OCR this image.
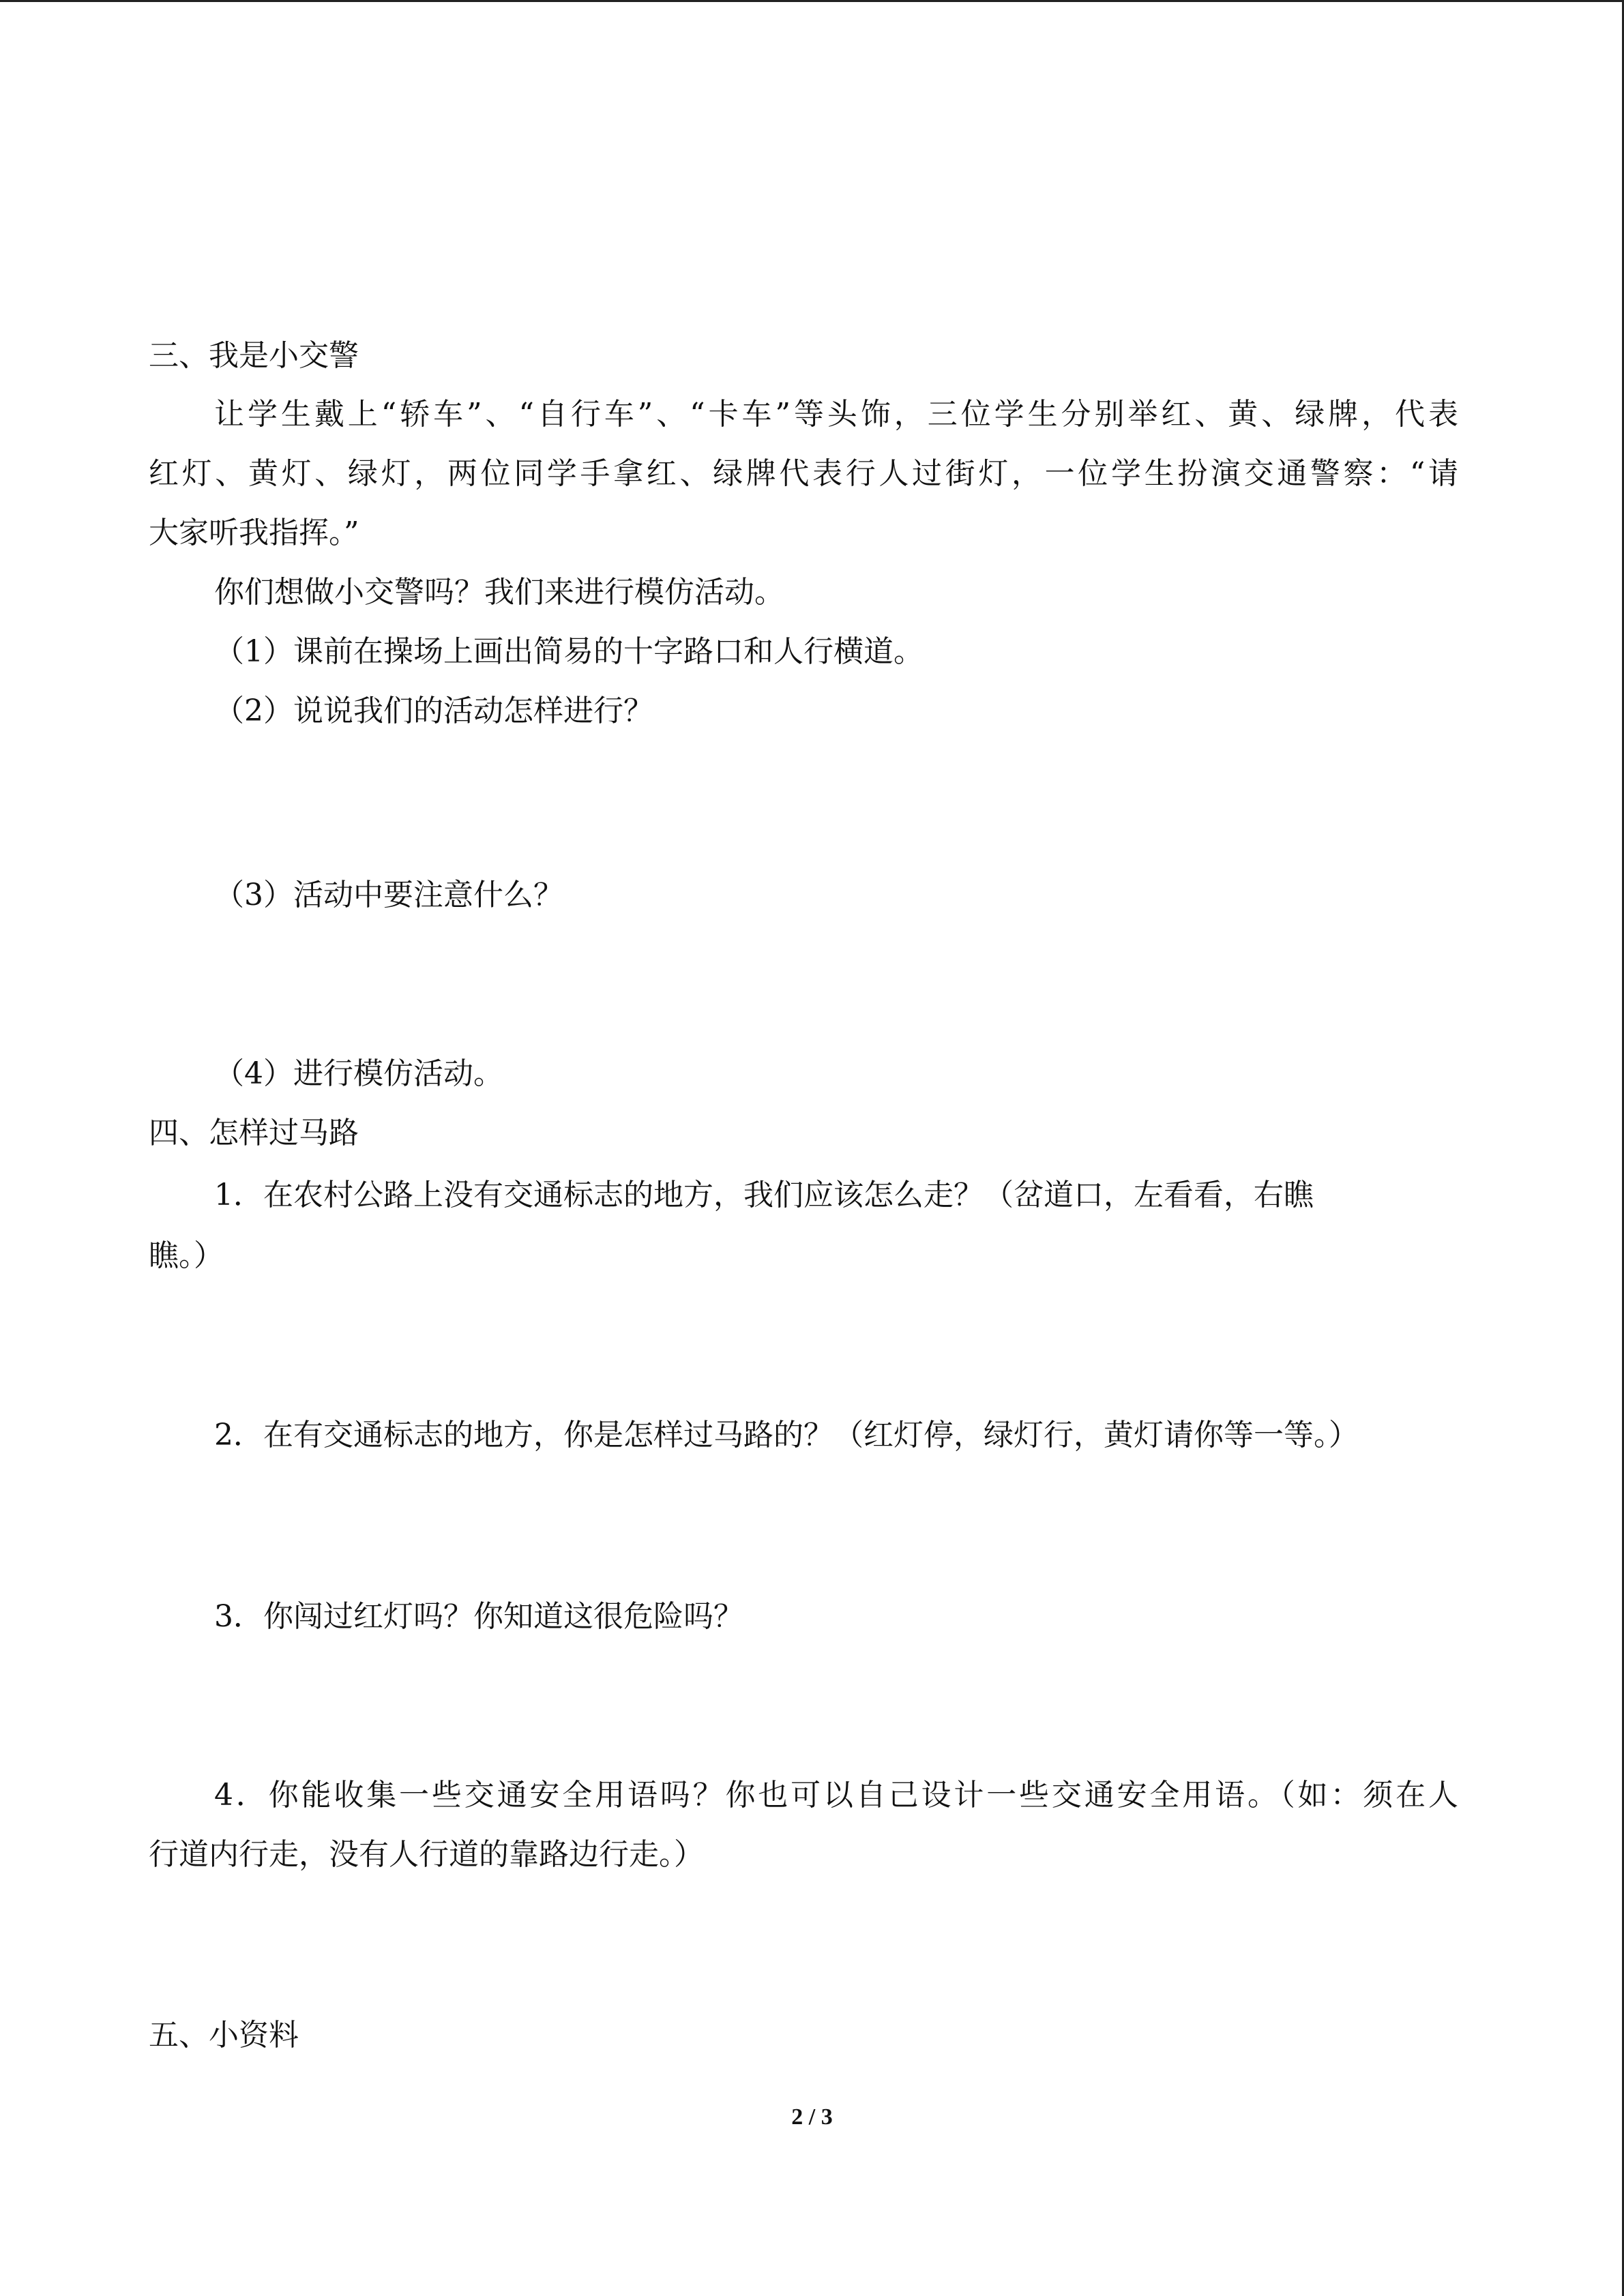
三、我是小交警
让学生戴上“轿车”、“自行车”、“卡车”等头饰，三位学生分别举红、黄、绿牌，代表
红灯、黄灯、绿灯，两位同学手拿红、绿牌代表行人过街灯，一位学生扮演交通警察：“请
大家听我指挥。”
你们想做小交警吗？我们来进行模仿活动。
（1）课前在操场上画出简易的十字路口和人行横道。
（2）说说我们的活动怎样进行？
（3）活动中要注意什么？
（4）进行模仿活动。
四、怎样过马路
1．在农村公路上没有交通标志的地方，我们应该怎么走？（岔道口，左看看，右瞧
瞧。）
2．在有交通标志的地方，你是怎样过马路的？（红灯停，绿灯行，黄灯请你等一等。）
3．你闯过红灯吗？你知道这很危险吗？
4．你能收集一些交通安全用语吗？你也可以自己设计一些交通安全用语。（如：须在人
行道内行走，没有人行道的靠路边行走。）
五、小资料
2 / 3
